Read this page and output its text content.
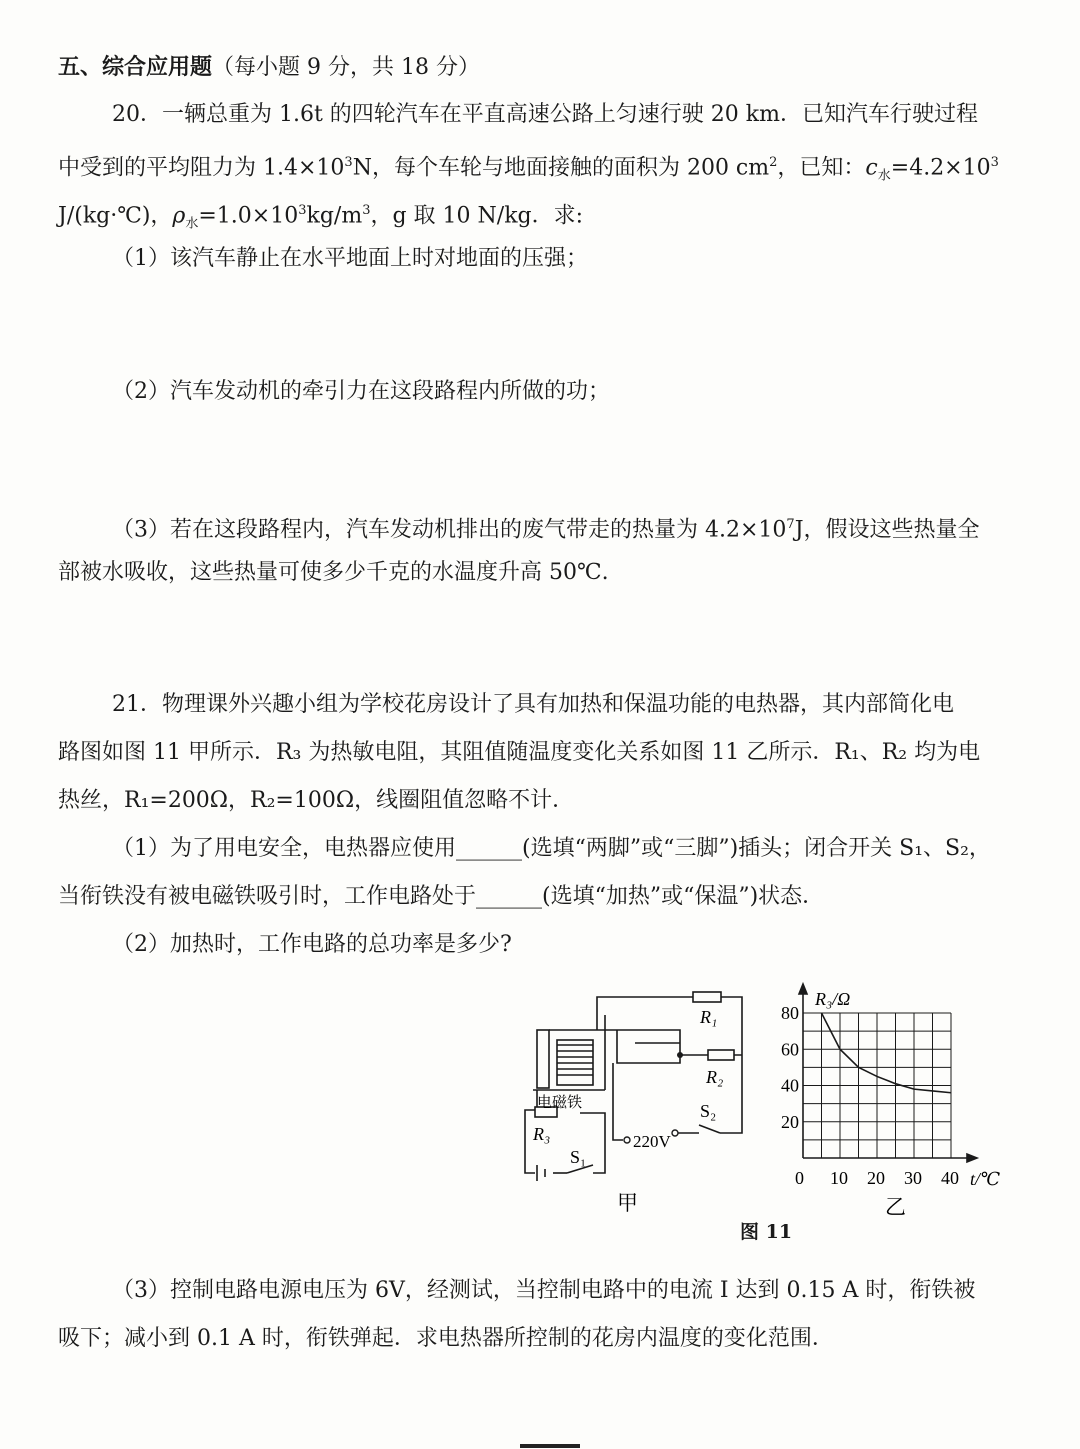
五、综合应用题（每小题 9 分，共 18 分）
20．一辆总重为 1.6t 的四轮汽车在平直高速公路上匀速行驶 20 km．已知汽车行驶过程
中受到的平均阻力为 $1.4\times 10^3N$，每个车轮与地面接触的面积为 200 $cm^2$，已知：$c_水=4.2\times 10^3$
J/(kg·℃)，$\rho_水=1.0\times 10^3kg/m^3$，g 取 10 N/kg．求:
（1）该汽车静止在水平地面上时对地面的压强；
（2）汽车发动机的牵引力在这段路程内所做的功；
（3）若在这段路程内，汽车发动机排出的废气带走的热量为 $4.2\times 10^7J$，假设这些热量全
部被水吸收，这些热量可使多少千克的水温度升高 50℃.
21．物理课外兴趣小组为学校花房设计了具有加热和保温功能的电热器，其内部简化电
路图如图 11 甲所示．R₃ 为热敏电阻，其阻值随温度变化关系如图 11 乙所示．R₁、R₂ 均为电
热丝，R₁=200Ω，R₂=100Ω，线圈阻值忽略不计．
（1）为了用电安全，电热器应使用______(选填“两脚”或“三脚”)插头；闭合开关 S₁、S₂，
当衔铁没有被电磁铁吸引时，工作电路处于______(选填“加热”或“保温”)状态．
（2）加热时，工作电路的总功率是多少?
R₁
R₂
R₃
S₁
S₂
电磁铁
220V
甲
0 10 20 30 40
20
40
60
80
R₃/Ω
t/℃
乙
图 11
（3）控制电路电源电压为 6V，经测试，当控制电路中的电流 I 达到 0.15 A 时，衔铁被
吸下；减小到 0.1 A 时，衔铁弹起．求电热器所控制的花房内温度的变化范围．
